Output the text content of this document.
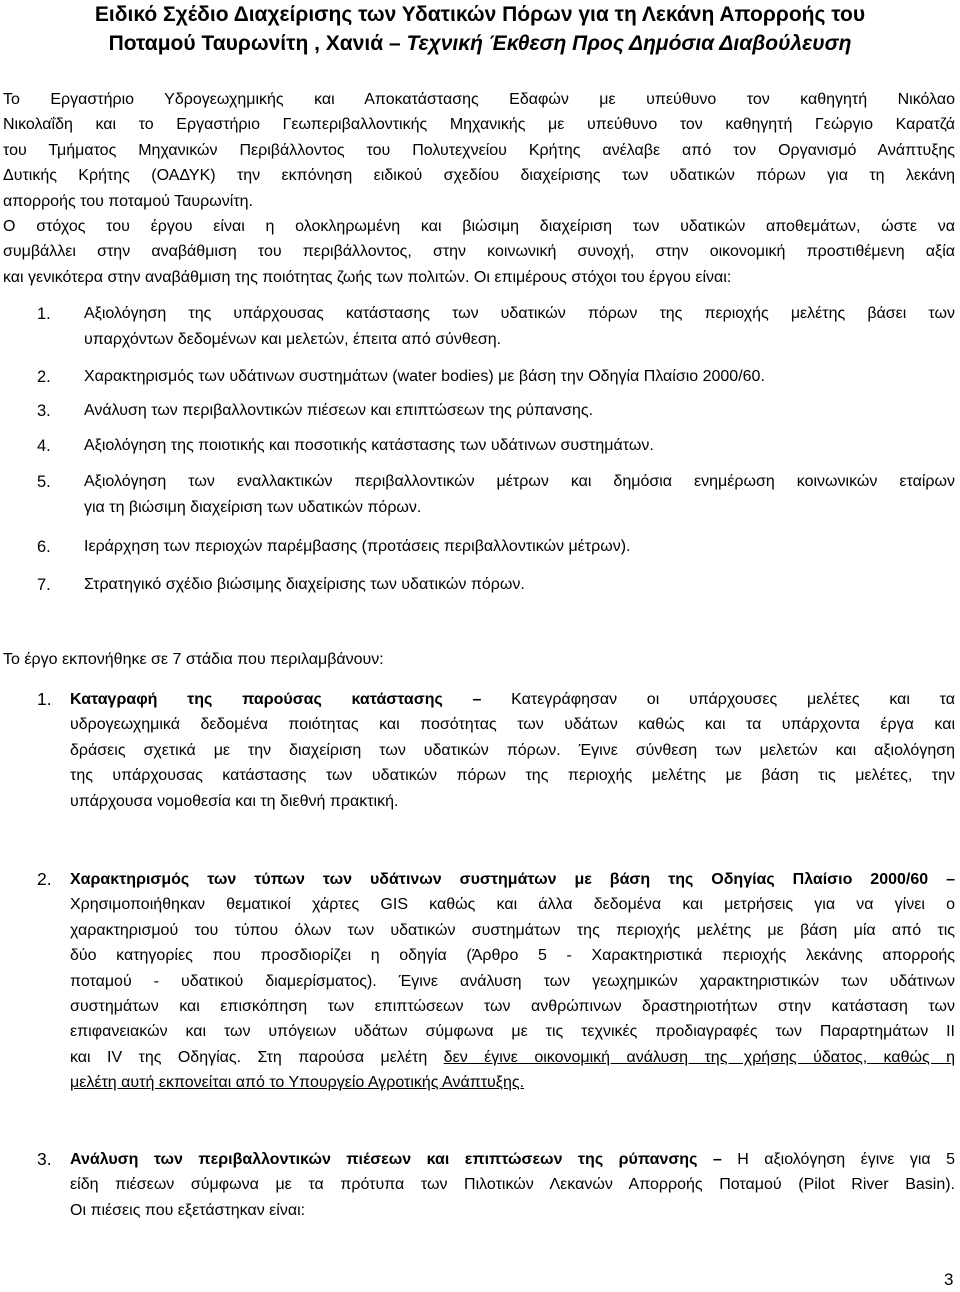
Ειδικό Σχέδιο Διαχείρισης των Υδατικών Πόρων για τη Λεκάνη Απορροής του
Ποταμού Ταυρωνίτη , Χανιά – Τεχνική Έκθεση Προς Δημόσια Διαβούλευση
Το Εργαστήριο Υδρογεωχημικής και Αποκατάστασης Εδαφών με υπεύθυνο τον καθηγητή Νικόλαο
Νικολαΐδη και το Εργαστήριο Γεωπεριβαλλοντικής Μηχανικής με υπεύθυνο τον καθηγητή Γεώργιο Καρατζά
του Τμήματος Μηχανικών Περιβάλλοντος του Πολυτεχνείου Κρήτης ανέλαβε από τον Οργανισμό Ανάπτυξης
Δυτικής Κρήτης (ΟΑΔΥΚ) την εκπόνηση ειδικού σχεδίου διαχείρισης των υδατικών πόρων για τη λεκάνη
απορροής του ποταμού Ταυρωνίτη.
Ο στόχος του έργου είναι η ολοκληρωμένη και βιώσιμη διαχείριση των υδατικών αποθεμάτων, ώστε να
συμβάλλει στην αναβάθμιση του περιβάλλοντος, στην κοινωνική συνοχή, στην οικονομική προστιθέμενη αξία
και γενικότερα στην αναβάθμιση της ποιότητας ζωής των πολιτών. Οι επιμέρους στόχοι του έργου είναι:
1. Αξιολόγηση της υπάρχουσας κατάστασης των υδατικών πόρων της περιοχής μελέτης βάσει των
υπαρχόντων δεδομένων και μελετών, έπειτα από σύνθεση.
2. Χαρακτηρισμός των υδάτινων συστημάτων (water bodies) με βάση την Οδηγία Πλαίσιο 2000/60.
3. Ανάλυση των περιβαλλοντικών πιέσεων και επιπτώσεων της ρύπανσης.
4. Αξιολόγηση της ποιοτικής και ποσοτικής κατάστασης των υδάτινων συστημάτων.
5. Αξιολόγηση των εναλλακτικών περιβαλλοντικών μέτρων και δημόσια ενημέρωση κοινωνικών εταίρων
για τη βιώσιμη διαχείριση των υδατικών πόρων.
6. Ιεράρχηση των περιοχών παρέμβασης (προτάσεις περιβαλλοντικών μέτρων).
7. Στρατηγικό σχέδιο βιώσιμης διαχείρισης των υδατικών πόρων.
Το έργο εκπονήθηκε σε 7 στάδια που περιλαμβάνουν:
1. Καταγραφή της παρούσας κατάστασης – Κατεγράφησαν οι υπάρχουσες μελέτες και τα
υδρογεωχημικά δεδομένα ποιότητας και ποσότητας των υδάτων καθώς και τα υπάρχοντα έργα και
δράσεις σχετικά με την διαχείριση των υδατικών πόρων. Έγινε σύνθεση των μελετών και αξιολόγηση
της υπάρχουσας κατάστασης των υδατικών πόρων της περιοχής μελέτης με βάση τις μελέτες, την
υπάρχουσα νομοθεσία και τη διεθνή πρακτική.
2. Χαρακτηρισμός των τύπων των υδάτινων συστημάτων με βάση της Οδηγίας Πλαίσιο 2000/60 –
Χρησιμοποιήθηκαν θεματικοί χάρτες GIS καθώς και άλλα δεδομένα και μετρήσεις για να γίνει ο
χαρακτηρισμού του τύπου όλων των υδατικών συστημάτων της περιοχής μελέτης με βάση μία από τις
δύο κατηγορίες που προσδιορίζει η οδηγία (Άρθρο 5 - Χαρακτηριστικά περιοχής λεκάνης απορροής
ποταμού - υδατικού διαμερίσματος). Έγινε ανάλυση των γεωχημικών χαρακτηριστικών των υδάτινων
συστημάτων και επισκόπηση των επιπτώσεων των ανθρώπινων δραστηριοτήτων στην κατάσταση των
επιφανειακών και των υπόγειων υδάτων σύμφωνα με τις τεχνικές προδιαγραφές των Παραρτημάτων II
και IV της Οδηγίας. Στη παρούσα μελέτη δεν έγινε οικονομική ανάλυση της χρήσης ύδατος, καθώς η
μελέτη αυτή εκπονείται από το Υπουργείο Αγροτικής Ανάπτυξης.
3. Ανάλυση των περιβαλλοντικών πιέσεων και επιπτώσεων της ρύπανσης – Η αξιολόγηση έγινε για 5
είδη πιέσεων σύμφωνα με τα πρότυπα των Πιλοτικών Λεκανών Απορροής Ποταμού (Pilot River Basin).
Οι πιέσεις που εξετάστηκαν είναι:
3
